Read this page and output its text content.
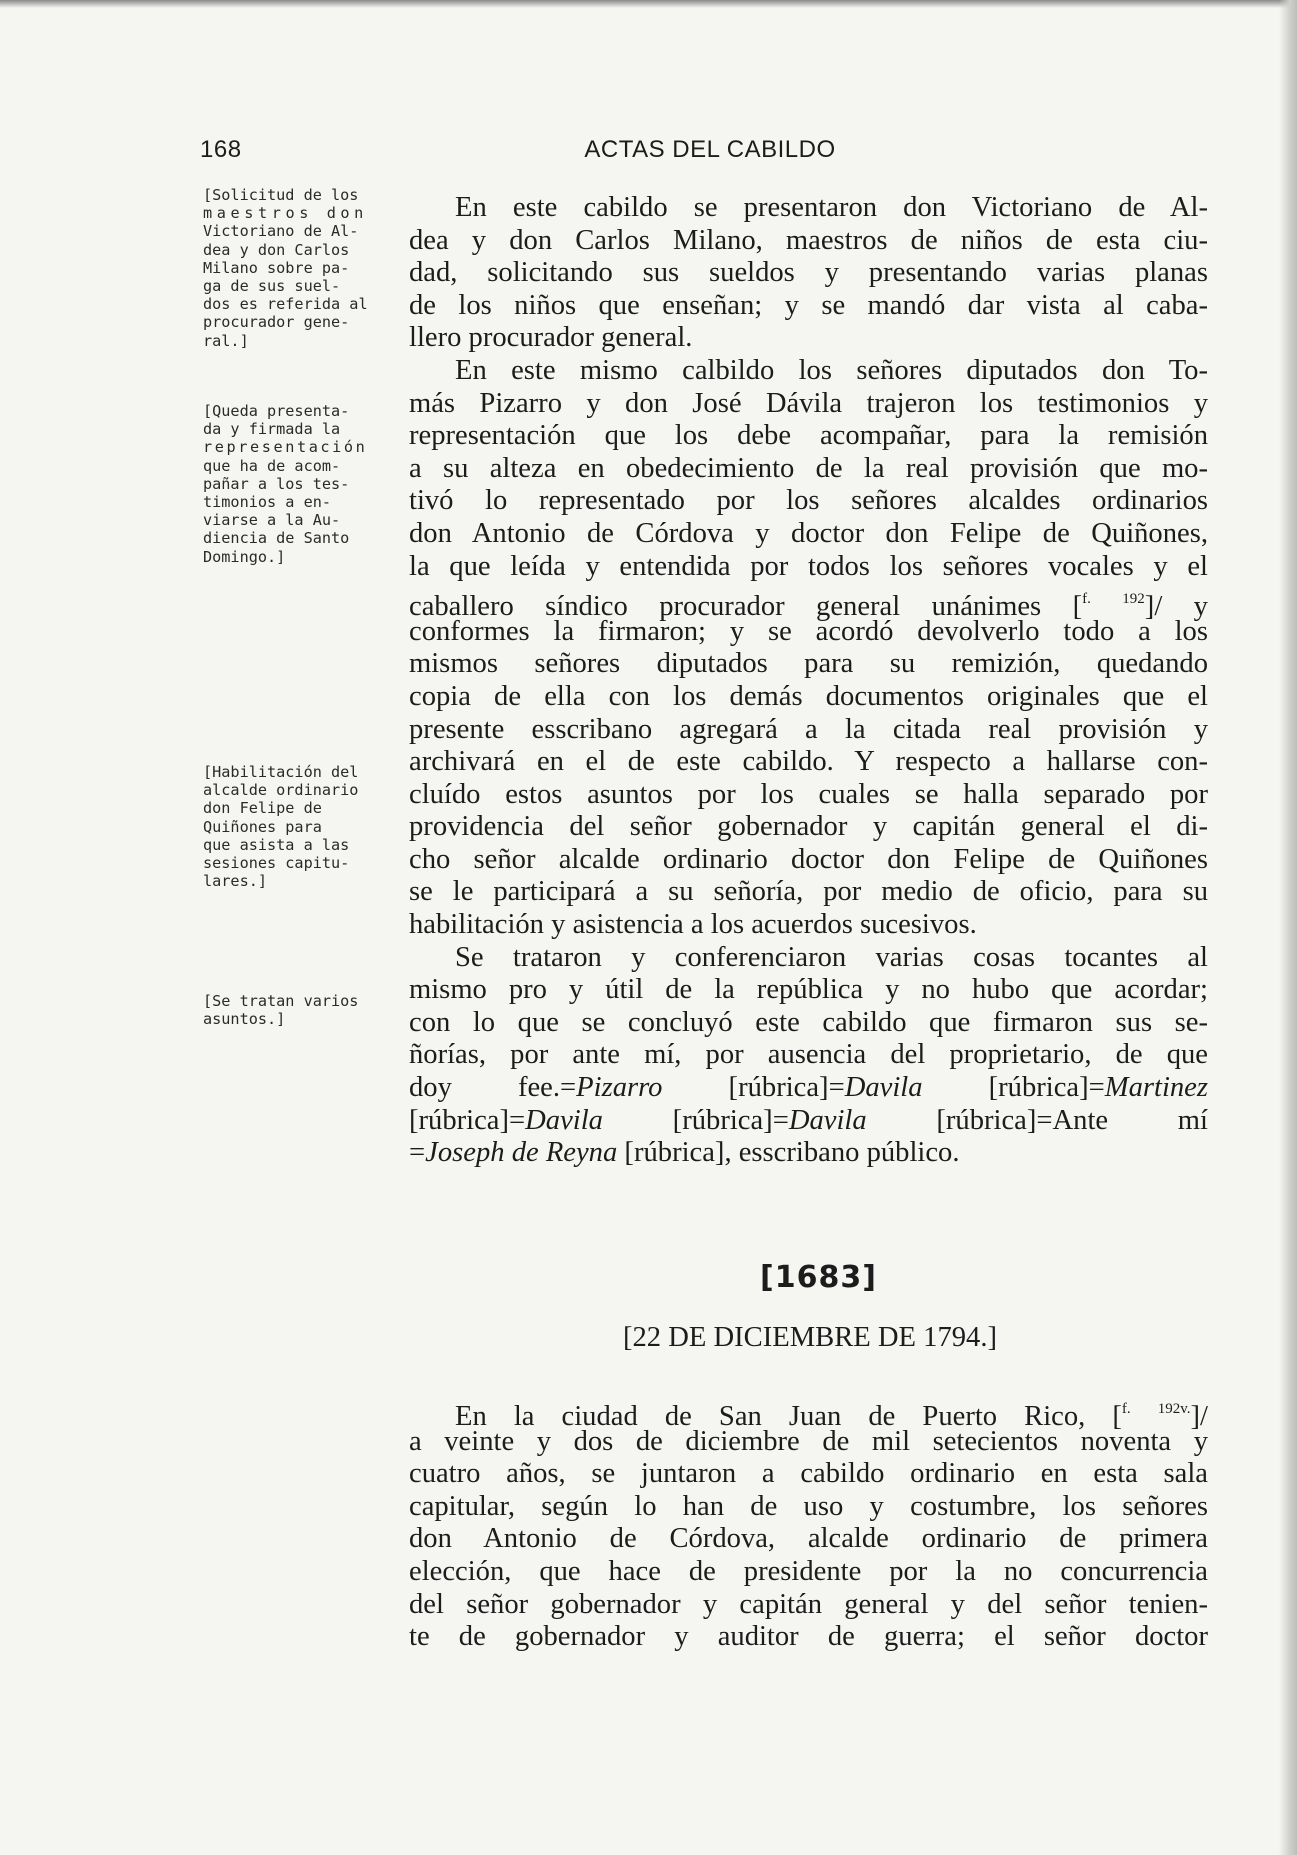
168	ACTAS DEL CABILDO
[Solicitud de los
maestros don
Victoriano de Al-
dea y don Carlos
Milano sobre pa-
ga de sus suel-
dos es referida al
procurador gene-
ral.]
[Queda presenta-
da y firmada la
representación
que ha de acom-
pañar a los tes-
timonios a en-
viarse a la Au-
diencia de Santo
Domingo.]
[Habilitación del
alcalde ordinario
don Felipe de
Quiñones para
que asista a las
sesiones capitu-
lares.]
[Se tratan varios
asuntos.]
En este cabildo se presentaron don Victoriano de Al-
dea y don Carlos Milano, maestros de niños de esta ciu-
dad, solicitando sus sueldos y presentando varias planas
de los niños que enseñan; y se mandó dar vista al caba-
llero procurador general.
En este mismo calbildo los señores diputados don To-
más Pizarro y don José Dávila trajeron los testimonios y
representación que los debe acompañar, para la remisión
a su alteza en obedecimiento de la real provisión que mo-
tivó lo representado por los señores alcaldes ordinarios
don Antonio de Córdova y doctor don Felipe de Quiñones,
la que leída y entendida por todos los señores vocales y el
caballero síndico procurador general unánimes [$^{f.}$ $^{192}$]/ y
conformes la firmaron; y se acordó devolverlo todo a los
mismos señores diputados para su remizión, quedando
copia de ella con los demás documentos originales que el
presente esscribano agregará a la citada real provisión y
archivará en el de este cabildo. Y respecto a hallarse con-
cluído estos asuntos por los cuales se halla separado por
providencia del señor gobernador y capitán general el di-
cho señor alcalde ordinario doctor don Felipe de Quiñones
se le participará a su señoría, por medio de oficio, para su
habilitación y asistencia a los acuerdos sucesivos.
Se trataron y conferenciaron varias cosas tocantes al
mismo pro y útil de la república y no hubo que acordar;
con lo que se concluyó este cabildo que firmaron sus se-
ñorías, por ante mí, por ausencia del proprietario, de que
doy fee.=Pizarro [rúbrica]=Davila [rúbrica]=Martinez
[rúbrica]=Davila [rúbrica]=Davila [rúbrica]=Ante mí
=Joseph de Reyna [rúbrica], esscribano público.
[1683]
[22 DE DICIEMBRE DE 1794.]
En la ciudad de San Juan de Puerto Rico, [$^{f.}$ $^{192v.}$]/
a veinte y dos de diciembre de mil setecientos noventa y
cuatro años, se juntaron a cabildo ordinario en esta sala
capitular, según lo han de uso y costumbre, los señores
don Antonio de Córdova, alcalde ordinario de primera
elección, que hace de presidente por la no concurrencia
del señor gobernador y capitán general y del señor tenien-
te de gobernador y auditor de guerra; el señor doctor
